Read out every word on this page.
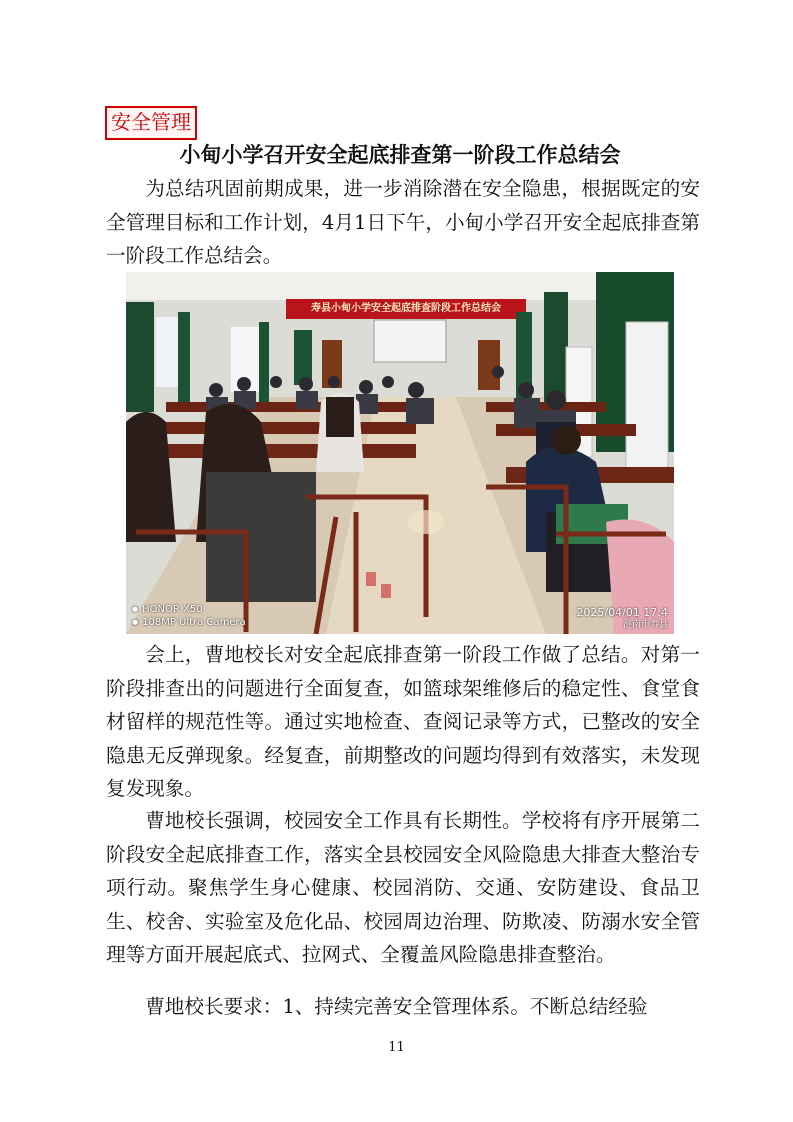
安全管理
小甸小学召开安全起底排查第一阶段工作总结会

为总结巩固前期成果，进一步消除潜在安全隐患，根据既定的安全管理目标和工作计划，4月1日下午，小甸小学召开安全起底排查第一阶段工作总结会。

寿县小甸小学安全起底排查阶段工作总结会
● HONOR X50
● 108MP Ultra Camera
2025/04/01 17:4
淮南市寿县

会上，曹地校长对安全起底排查第一阶段工作做了总结。对第一阶段排查出的问题进行全面复查，如篮球架维修后的稳定性、食堂食材留样的规范性等。通过实地检查、查阅记录等方式，已整改的安全隐患无反弹现象。经复查，前期整改的问题均得到有效落实，未发现复发现象。

曹地校长强调，校园安全工作具有长期性。学校将有序开展第二阶段安全起底排查工作，落实全县校园安全风险隐患大排查大整治专项行动。聚焦学生身心健康、校园消防、交通、安防建设、食品卫生、校舍、实验室及危化品、校园周边治理、防欺凌、防溺水安全管理等方面开展起底式、拉网式、全覆盖风险隐患排查整治。

曹地校长要求：1、持续完善安全管理体系。不断总结经验

11
